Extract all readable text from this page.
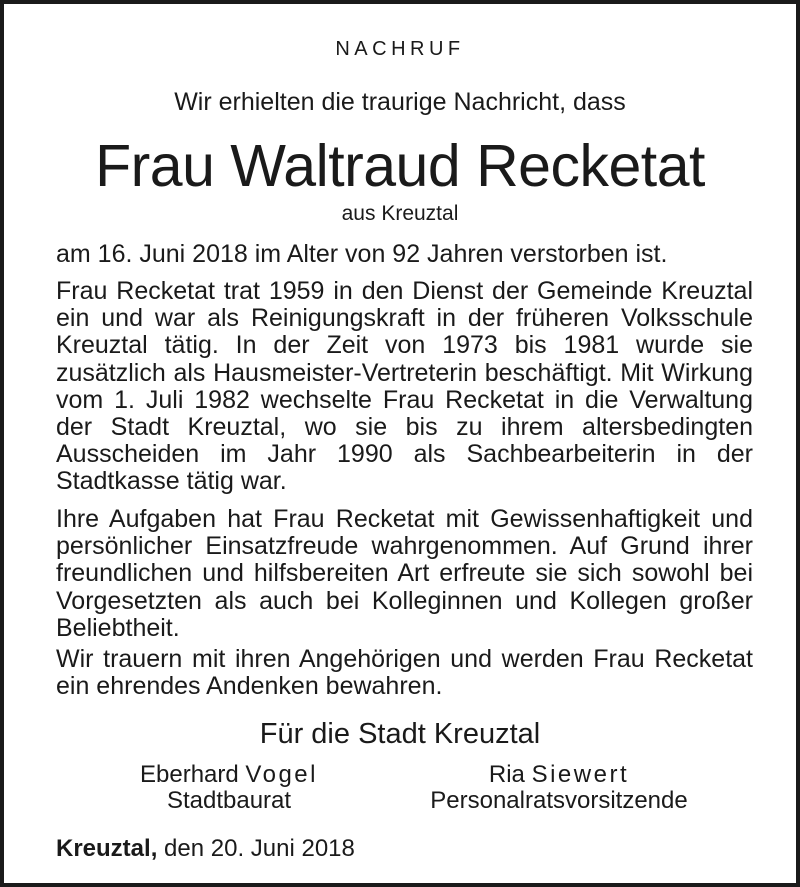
NACHRUF
Wir erhielten die traurige Nachricht, dass
Frau Waltraud Recketat
aus Kreuztal
am 16. Juni 2018 im Alter von 92 Jahren verstorben ist.

Frau Recketat trat 1959 in den Dienst der Gemeinde Kreuztal ein und war als Reinigungskraft in der früheren Volksschule Kreuztal tätig. In der Zeit von 1973 bis 1981 wurde sie zusätzlich als Hausmeister-Vertreterin beschäftigt. Mit Wirkung vom 1. Juli 1982 wechselte Frau Recketat in die Verwaltung der Stadt Kreuztal, wo sie bis zu ihrem altersbedingten Ausscheiden im Jahr 1990 als Sachbearbeiterin in der Stadtkasse tätig war.

Ihre Aufgaben hat Frau Recketat mit Gewissenhaftigkeit und persönlicher Einsatzfreude wahrgenommen. Auf Grund ihrer freundlichen und hilfsbereiten Art erfreute sie sich sowohl bei Vorgesetzten als auch bei Kolleginnen und Kollegen großer Beliebtheit.

Wir trauern mit ihren Angehörigen und werden Frau Recketat ein ehrendes Andenken bewahren.

Für die Stadt Kreuztal
Eberhard Vogel
Stadtbaurat
Ria Siewert
Personalratsvorsitzende
Kreuztal, den 20. Juni 2018
